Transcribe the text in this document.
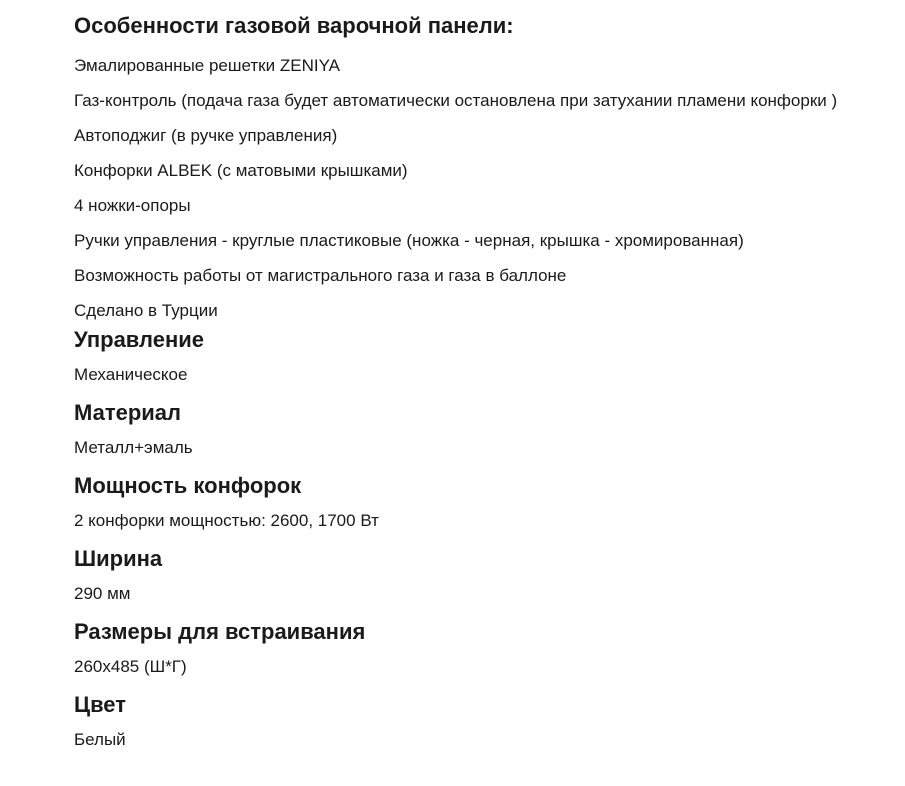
Особенности газовой варочной панели:
Эмалированные решетки ZENIYA
Газ-контроль (подача газа будет автоматически остановлена при затухании пламени конфорки )
Автоподжиг (в ручке управления)
Конфорки ALBEK (с матовыми крышками)
4 ножки-опоры
Ручки управления - круглые пластиковые (ножка - черная, крышка - хромированная)
Возможность работы от магистрального газа и газа в баллоне
Сделано в Турции
Управление
Механическое
Материал
Металл+эмаль
Мощность конфорок
2 конфорки мощностью: 2600, 1700 Вт
Ширина
290 мм
Размеры для встраивания
260х485 (Ш*Г)
Цвет
Белый
